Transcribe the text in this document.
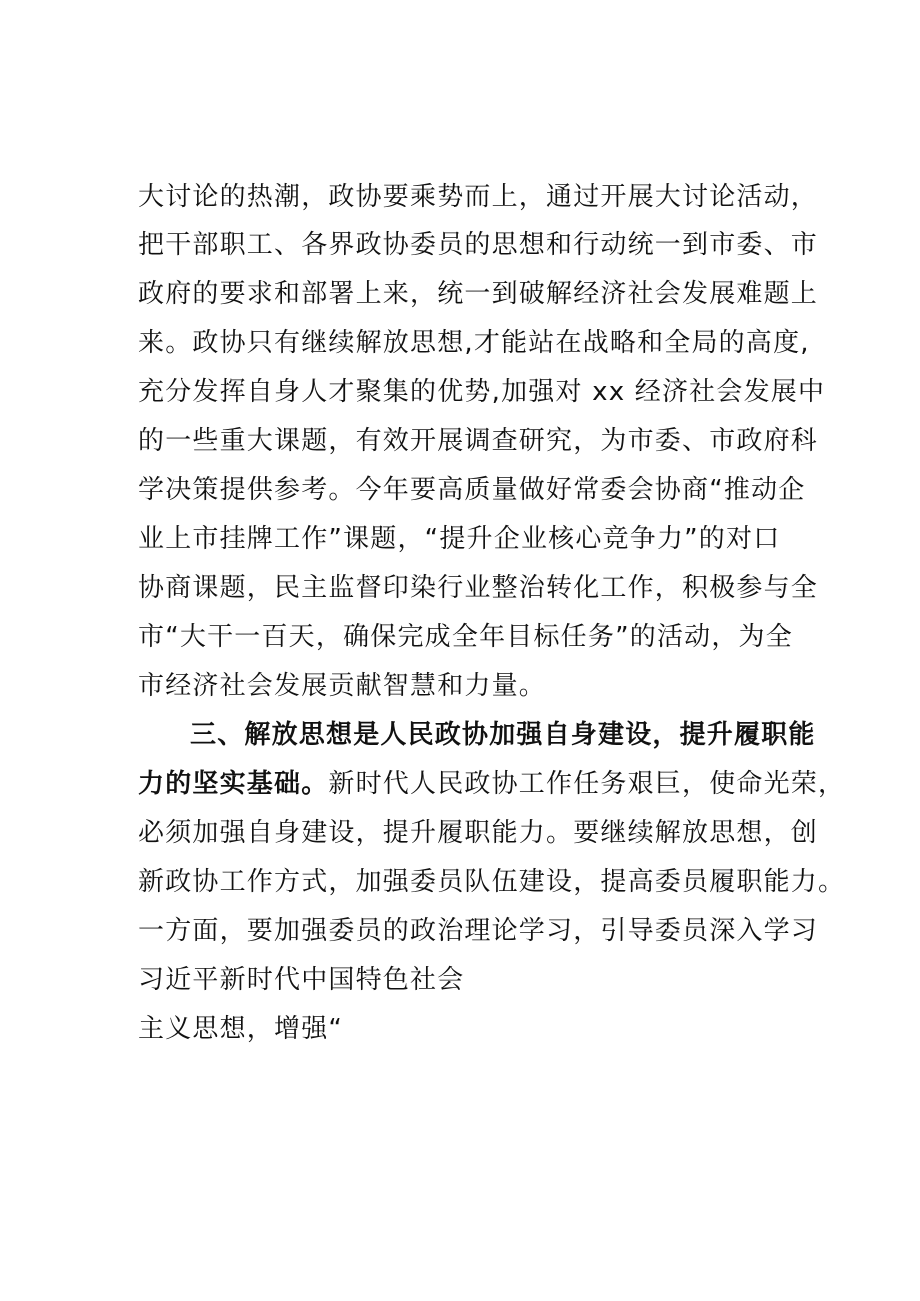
大讨论的热潮，政协要乘势而上，通过开展大讨论活动，
把干部职工、各界政协委员的思想和行动统一到市委、市
政府的要求和部署上来，统一到破解经济社会发展难题上
来。政协只有继续解放思想,才能站在战略和全局的高度,
充分发挥自身人才聚集的优势,加强对 xx 经济社会发展中
的一些重大课题，有效开展调查研究，为市委、市政府科
学决策提供参考。今年要高质量做好常委会协商“推动企
业上市挂牌工作”课题，“提升企业核心竞争力”的对口
协商课题，民主监督印染行业整治转化工作，积极参与全
市“大干一百天，确保完成全年目标任务”的活动，为全
市经济社会发展贡献智慧和力量。
三、解放思想是人民政协加强自身建设，提升履职能
力的坚实基础。新时代人民政协工作任务艰巨，使命光荣，
必须加强自身建设，提升履职能力。要继续解放思想，创
新政协工作方式，加强委员队伍建设，提高委员履职能力。
一方面，要加强委员的政治理论学习，引导委员深入学习
习近平新时代中国特色社会
主义思想，增强“
